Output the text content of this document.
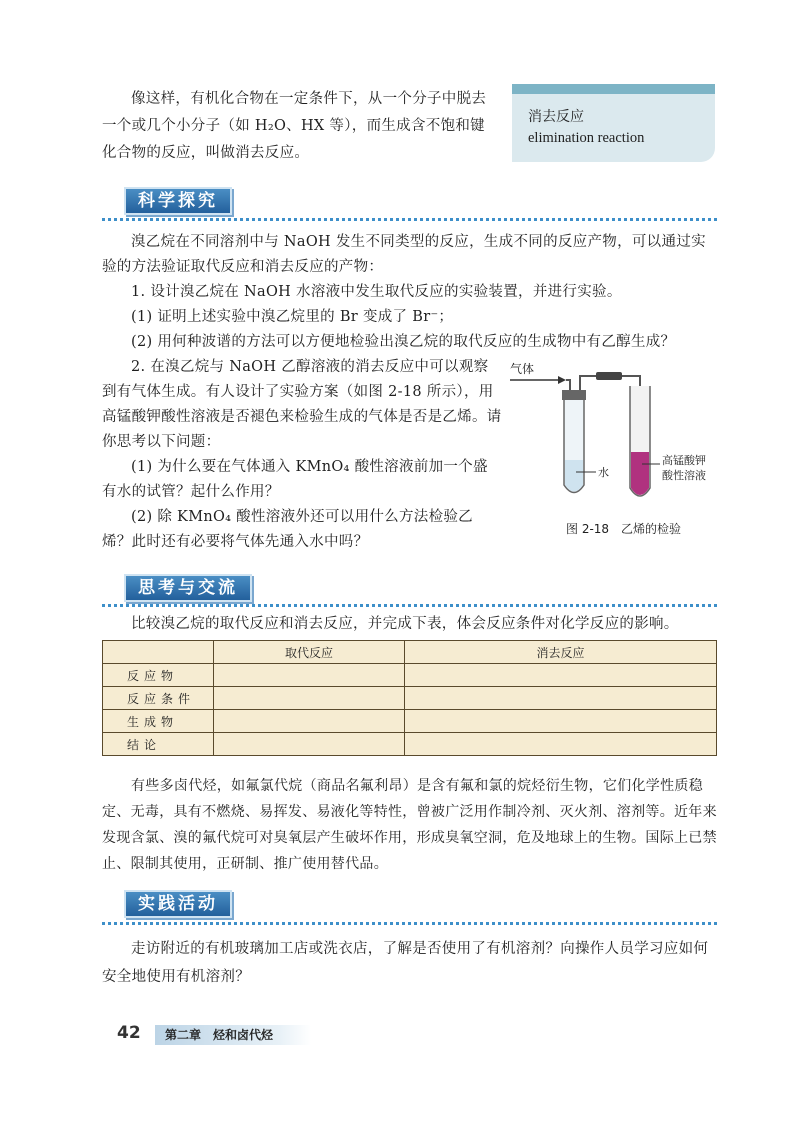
像这样，有机化合物在一定条件下，从一个分子中脱去一个或几个小分子（如 H₂O、HX 等），而生成含不饱和键化合物的反应，叫做消去反应。
消去反应
elimination reaction
科学探究
溴乙烷在不同溶剂中与 NaOH 发生不同类型的反应，生成不同的反应产物，可以通过实验的方法验证取代反应和消去反应的产物：
1. 设计溴乙烷在 NaOH 水溶液中发生取代反应的实验装置，并进行实验。
(1) 证明上述实验中溴乙烷里的 Br 变成了 Br⁻；
(2) 用何种波谱的方法可以方便地检验出溴乙烷的取代反应的生成物中有乙醇生成？
2. 在溴乙烷与 NaOH 乙醇溶液的消去反应中可以观察到有气体生成。有人设计了实验方案（如图 2-18 所示），用高锰酸钾酸性溶液是否褪色来检验生成的气体是否是乙烯。请你思考以下问题：
(1) 为什么要在气体通入 KMnO₄ 酸性溶液前加一个盛有水的试管？起什么作用？
(2) 除 KMnO₄ 酸性溶液外还可以用什么方法检验乙烯？此时还有必要将气体先通入水中吗？
气体
水
高锰酸钾
酸性溶液
图 2-18　乙烯的检验
思考与交流
比较溴乙烷的取代反应和消去反应，并完成下表，体会反应条件对化学反应的影响。
	取代反应	消去反应
反应物		
反应条件		
生成物		
结论		
有些多卤代烃，如氟氯代烷（商品名氟利昂）是含有氟和氯的烷烃衍生物，它们化学性质稳定、无毒，具有不燃烧、易挥发、易液化等特性，曾被广泛用作制冷剂、灭火剂、溶剂等。近年来发现含氯、溴的氟代烷可对臭氧层产生破坏作用，形成臭氧空洞，危及地球上的生物。国际上已禁止、限制其使用，正研制、推广使用替代品。
实践活动
走访附近的有机玻璃加工店或洗衣店，了解是否使用了有机溶剂？向操作人员学习应如何安全地使用有机溶剂？
42	第二章　烃和卤代烃
